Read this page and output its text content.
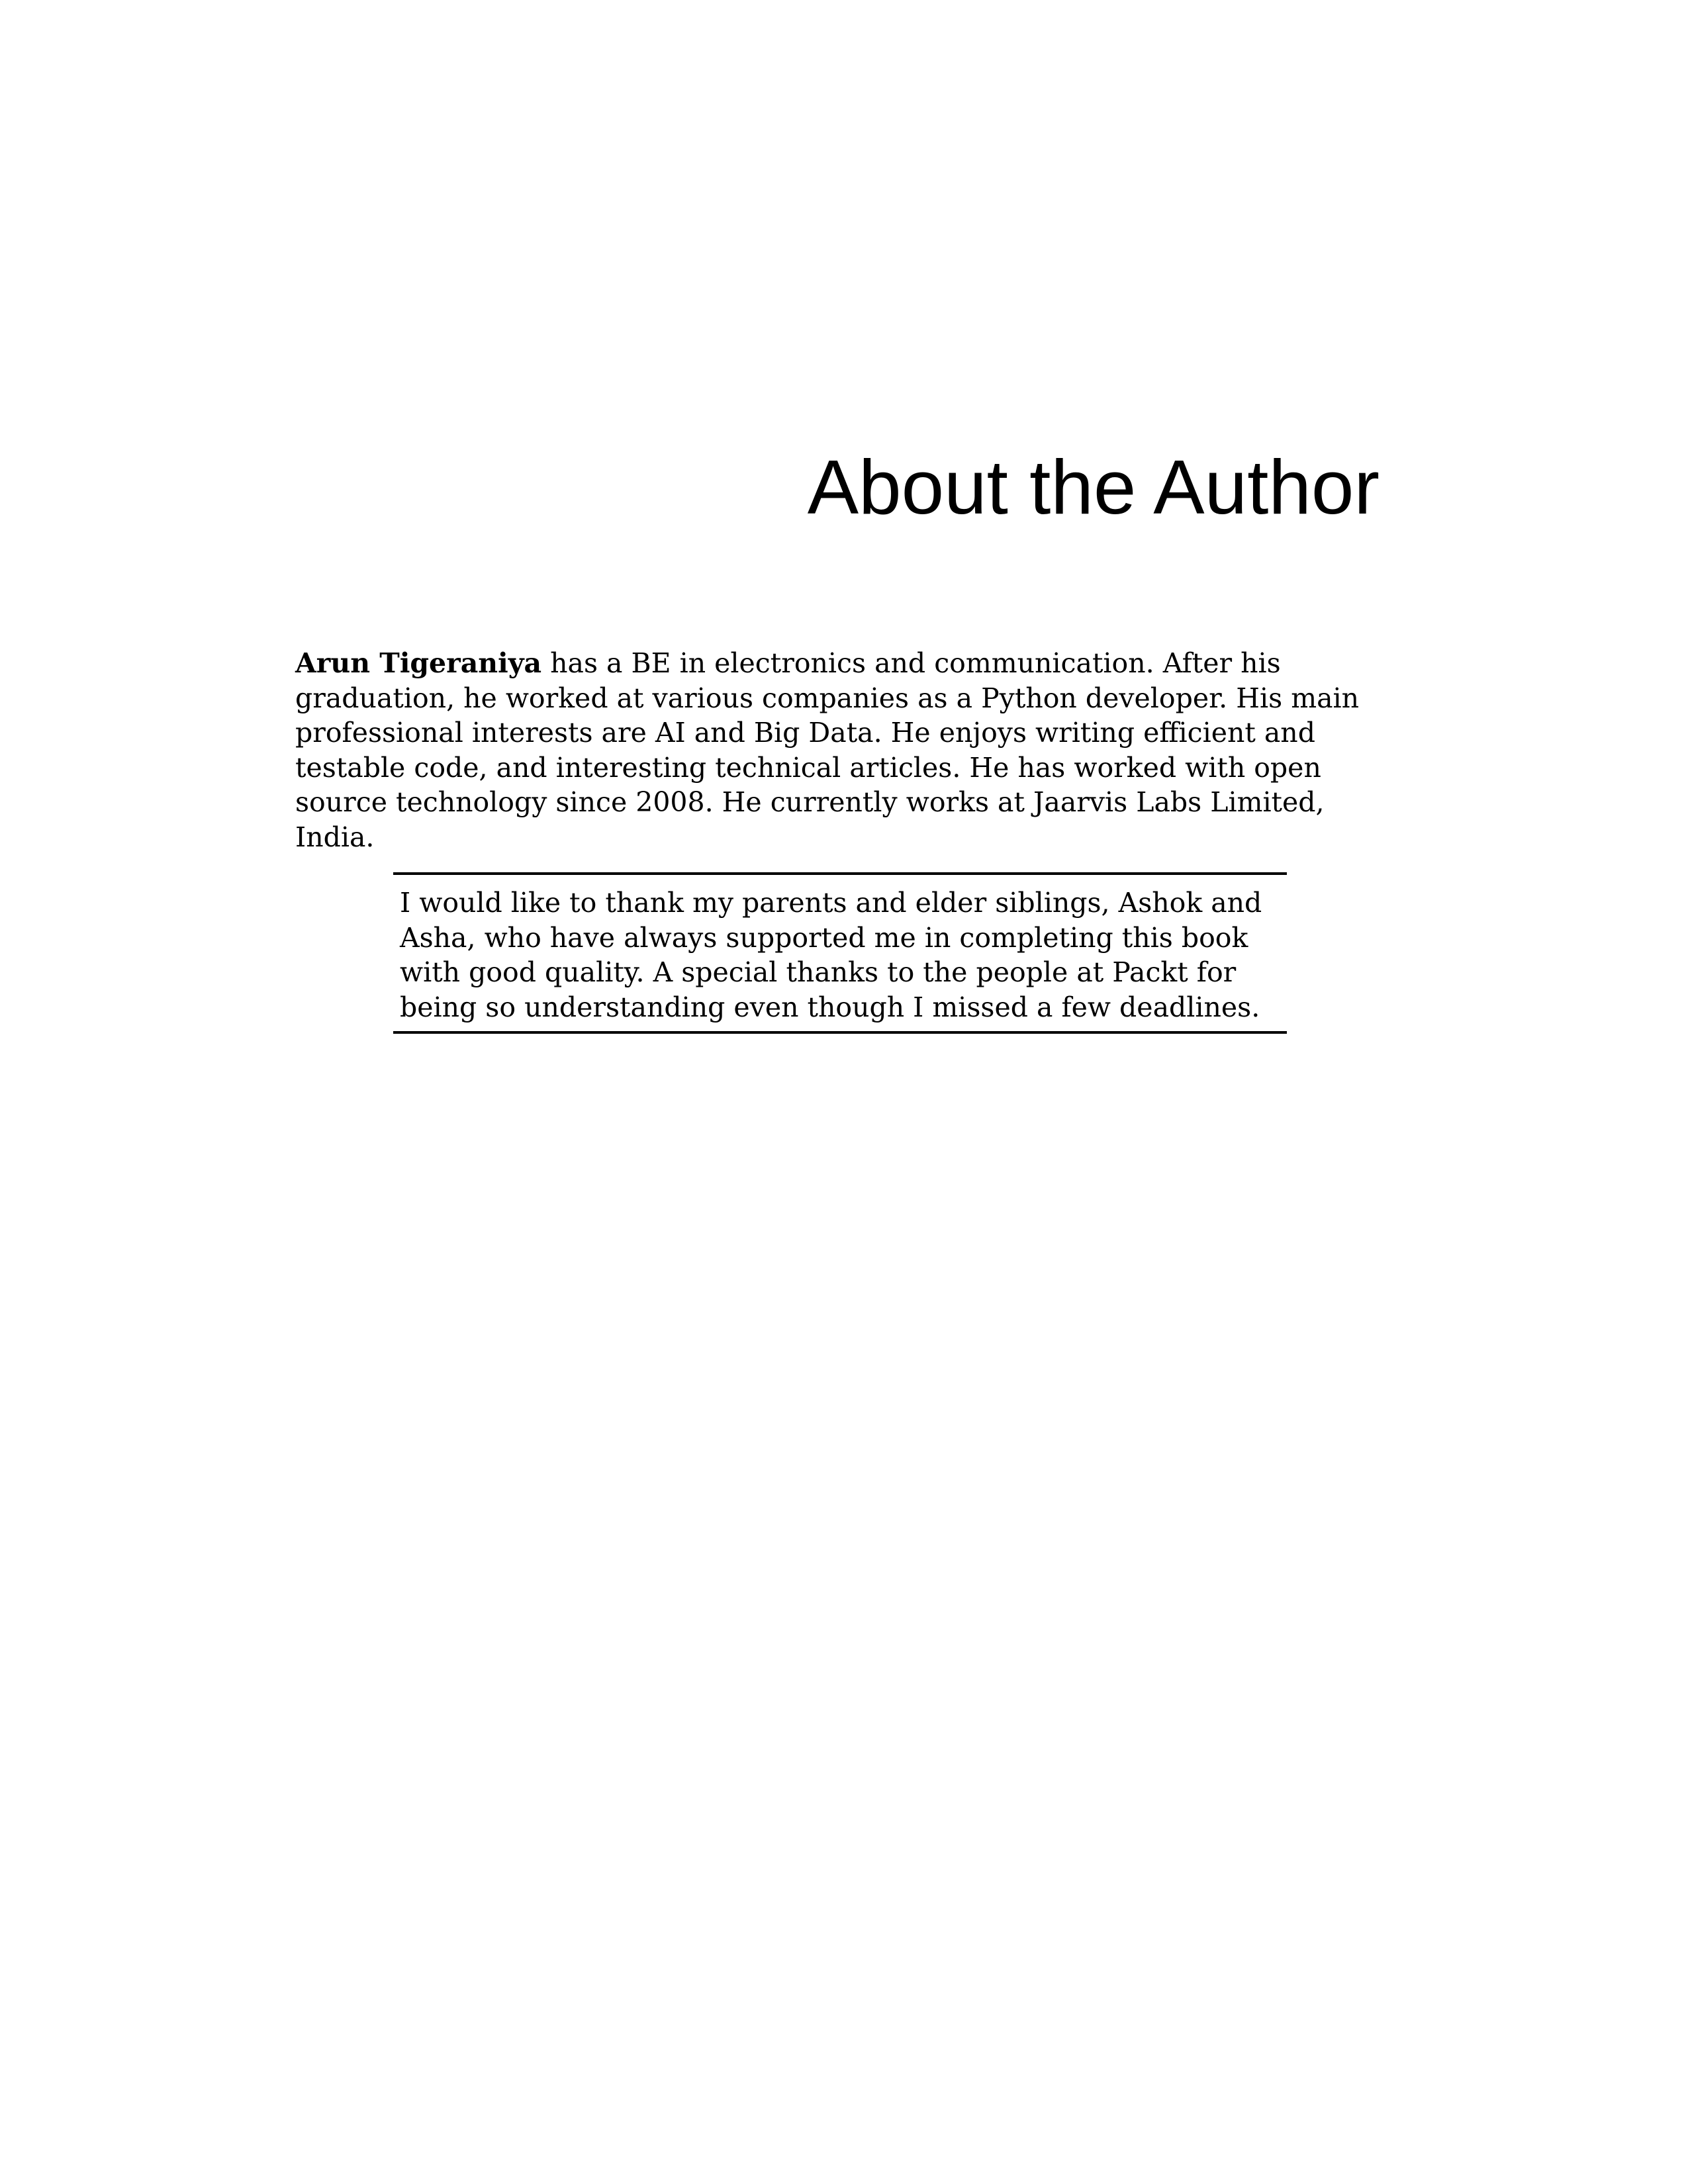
About the Author

Arun Tigeraniya has a BE in electronics and communication. After his graduation, he worked at various companies as a Python developer. His main professional interests are AI and Big Data. He enjoys writing efficient and testable code, and interesting technical articles. He has worked with open source technology since 2008. He currently works at Jaarvis Labs Limited, India.

I would like to thank my parents and elder siblings, Ashok and Asha, who have always supported me in completing this book with good quality. A special thanks to the people at Packt for being so understanding even though I missed a few deadlines.
